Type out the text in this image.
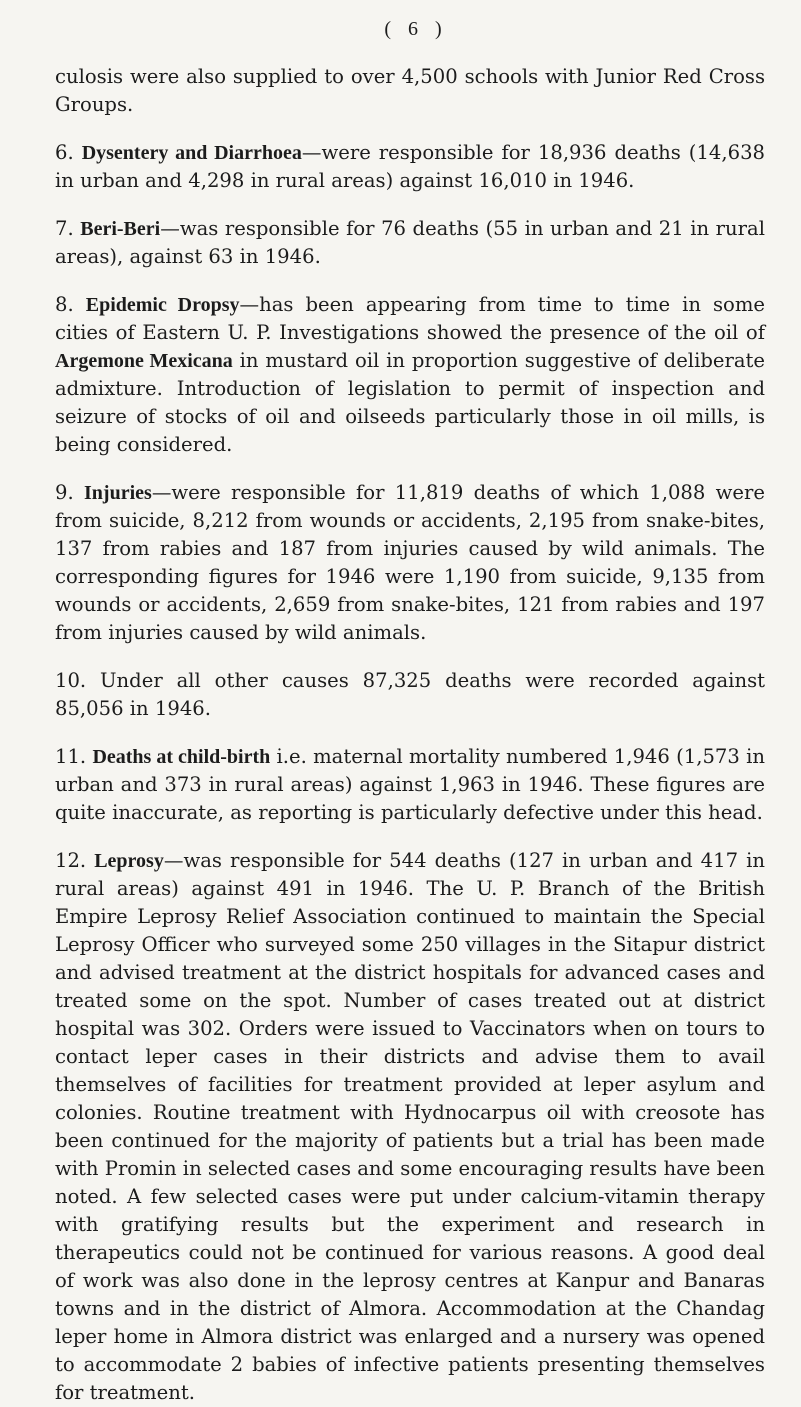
( 6 )

culosis were also supplied to over 4,500 schools with Junior Red Cross Groups.

6. Dysentery and Diarrhoea—were responsible for 18,936 deaths (14,638 in urban and 4,298 in rural areas) against 16,010 in 1946.

7. Beri-Beri—was responsible for 76 deaths (55 in urban and 21 in rural areas), against 63 in 1946.

8. Epidemic Dropsy—has been appearing from time to time in some cities of Eastern U. P. Investigations showed the presence of the oil of Argemone Mexicana in mustard oil in proportion suggestive of deliberate admixture. Introduction of legislation to permit of inspection and seizure of stocks of oil and oilseeds particularly those in oil mills, is being considered.

9. Injuries—were responsible for 11,819 deaths of which 1,088 were from suicide, 8,212 from wounds or accidents, 2,195 from snake-bites, 137 from rabies and 187 from injuries caused by wild animals. The corresponding figures for 1946 were 1,190 from suicide, 9,135 from wounds or accidents, 2,659 from snake-bites, 121 from rabies and 197 from injuries caused by wild animals.

10. Under all other causes 87,325 deaths were recorded against 85,056 in 1946.

11. Deaths at child-birth i.e. maternal mortality numbered 1,946 (1,573 in urban and 373 in rural areas) against 1,963 in 1946. These figures are quite inaccurate, as reporting is particularly defective under this head.

12. Leprosy—was responsible for 544 deaths (127 in urban and 417 in rural areas) against 491 in 1946. The U. P. Branch of the British Empire Leprosy Relief Association continued to maintain the Special Leprosy Officer who surveyed some 250 villages in the Sitapur district and advised treatment at the district hospitals for advanced cases and treated some on the spot. Number of cases treated out at district hospital was 302. Orders were issued to Vaccinators when on tours to contact leper cases in their districts and advise them to avail themselves of facilities for treatment provided at leper asylum and colonies. Routine treatment with Hydnocarpus oil with creosote has been continued for the majority of patients but a trial has been made with Promin in selected cases and some encouraging results have been noted. A few selected cases were put under calcium-vitamin therapy with gratifying results but the experiment and research in therapeutics could not be continued for various reasons. A good deal of work was also done in the leprosy centres at Kanpur and Banaras towns and in the district of Almora. Accommodation at the Chandag leper home in Almora district was enlarged and a nursery was opened to accommodate 2 babies of infective patients presenting themselves for treatment.
